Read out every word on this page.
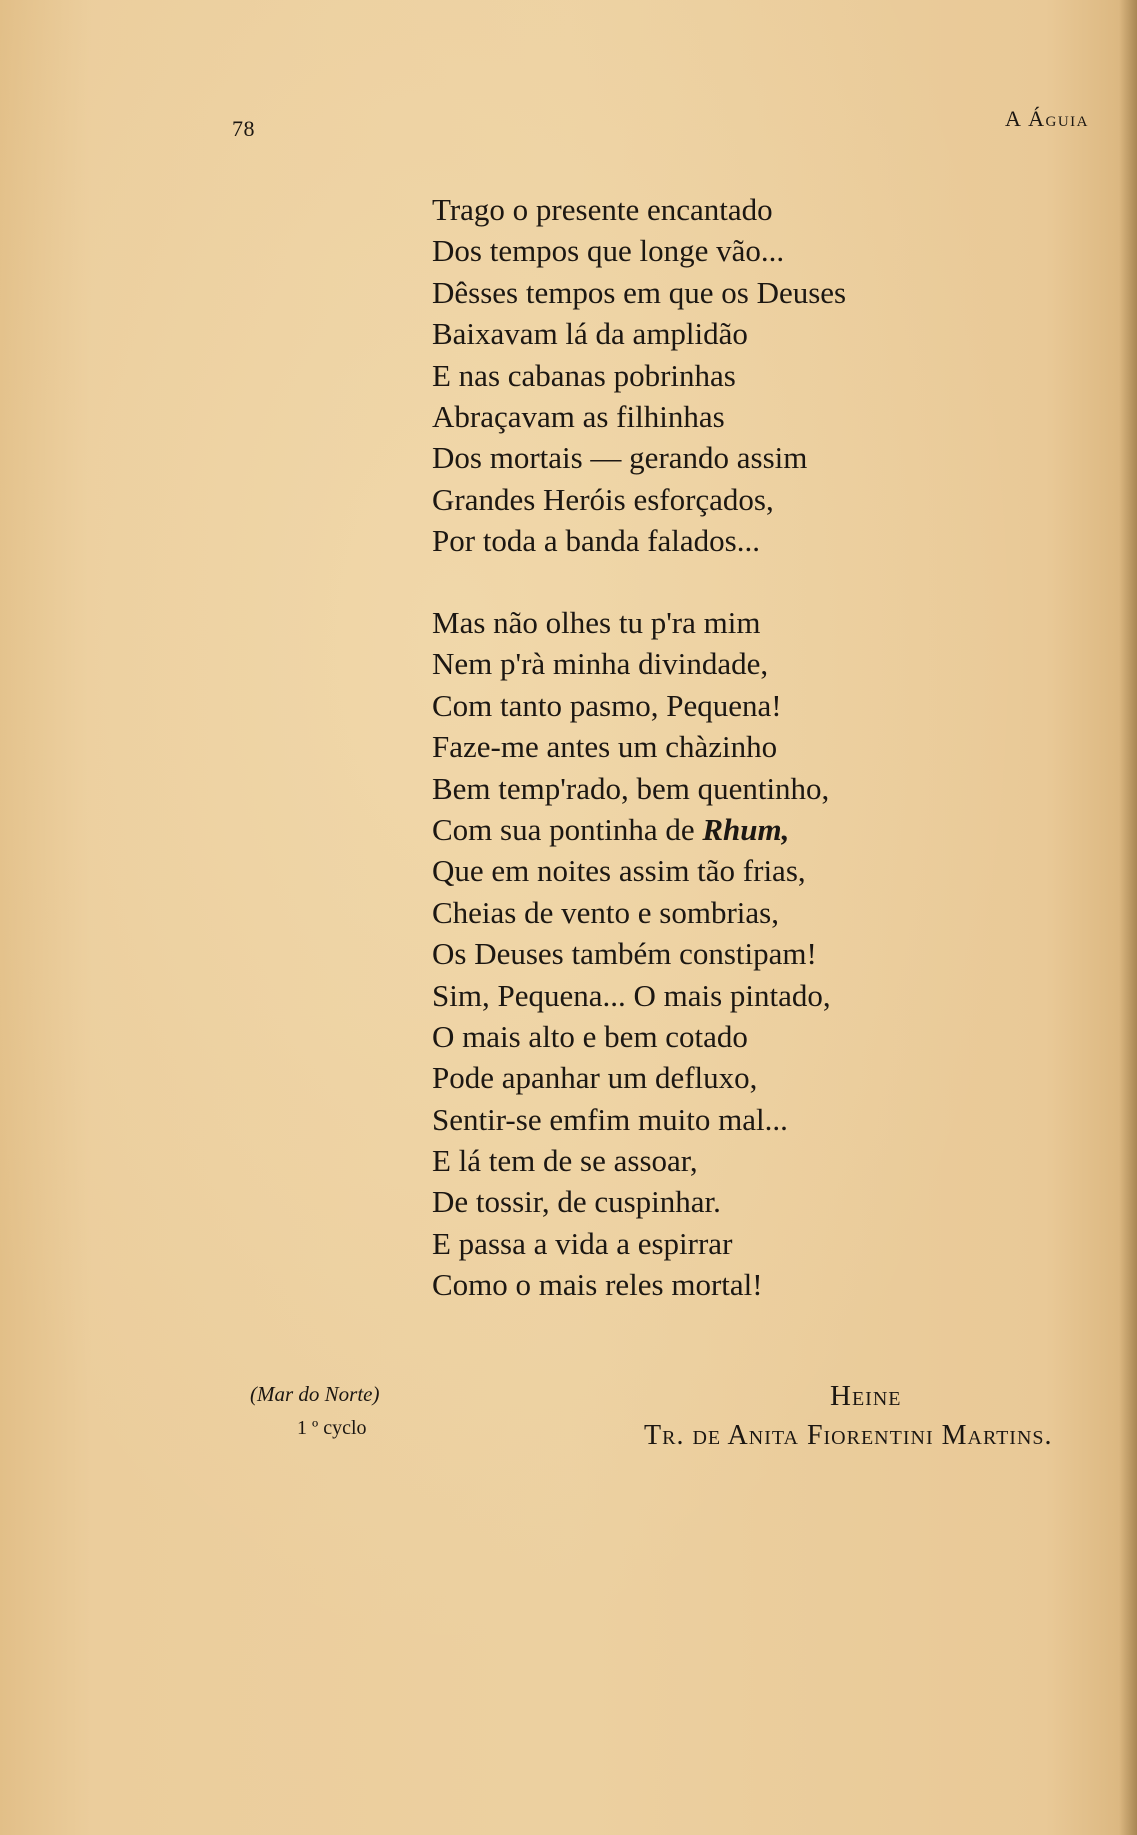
78	A Águia
Trago o presente encantado
Dos tempos que longe vão...
Dêsses tempos em que os Deuses
Baixavam lá da amplidão
E nas cabanas pobrinhas
Abraçavam as filhinhas
Dos mortais — gerando assim
Grandes Heróis esforçados,
Por toda a banda falados...
Mas não olhes tu p'ra mim
Nem p'rà minha divindade,
Com tanto pasmo, Pequena!
Faze-me antes um chàzinho
Bem temp'rado, bem quentinho,
Com sua pontinha de Rhum,
Que em noites assim tão frias,
Cheias de vento e sombrias,
Os Deuses também constipam!
Sim, Pequena... O mais pintado,
O mais alto e bem cotado
Pode apanhar um defluxo,
Sentir-se emfim muito mal...
E lá tem de se assoar,
De tossir, de cuspinhar.
E passa a vida a espirrar
Como o mais reles mortal!
(Mar do Norte)
1 º cyclo
Heine
Tr. de Anita Fiorentini Martins.
